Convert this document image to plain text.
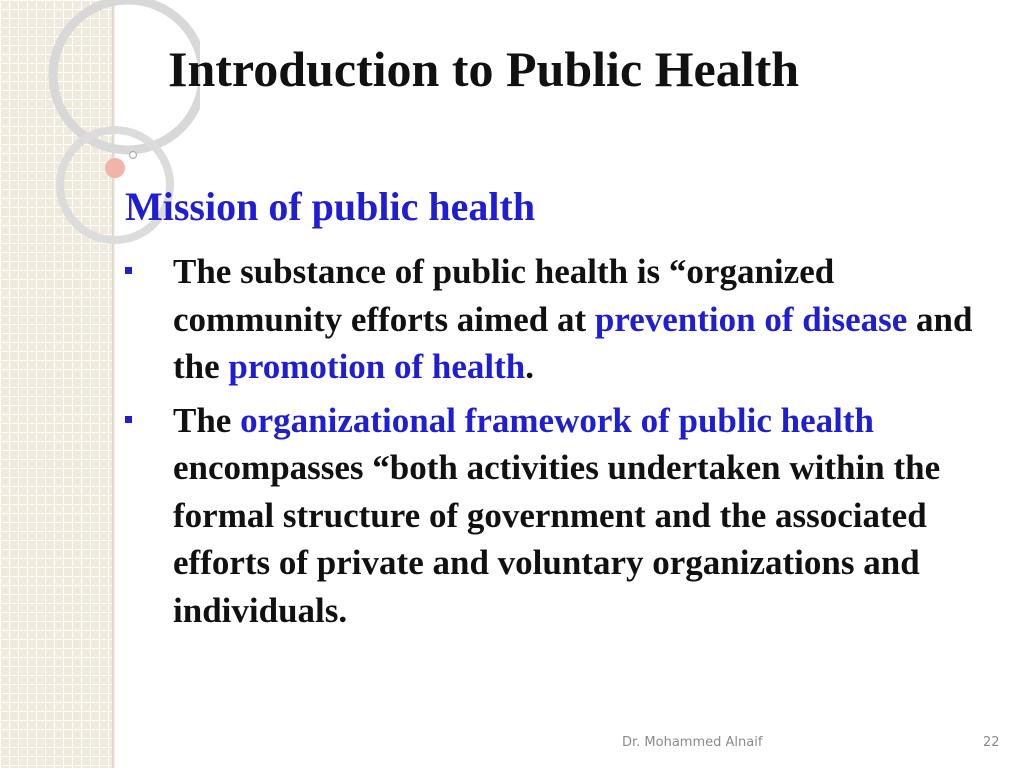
Introduction to Public Health
Mission of public health
The substance of public health is “organized community efforts aimed at prevention of disease and the promotion of health.
The organizational framework of public health encompasses “both activities undertaken within the formal structure of government and the associated efforts of private and voluntary organizations and individuals.
Dr. Mohammed Alnaif	22
